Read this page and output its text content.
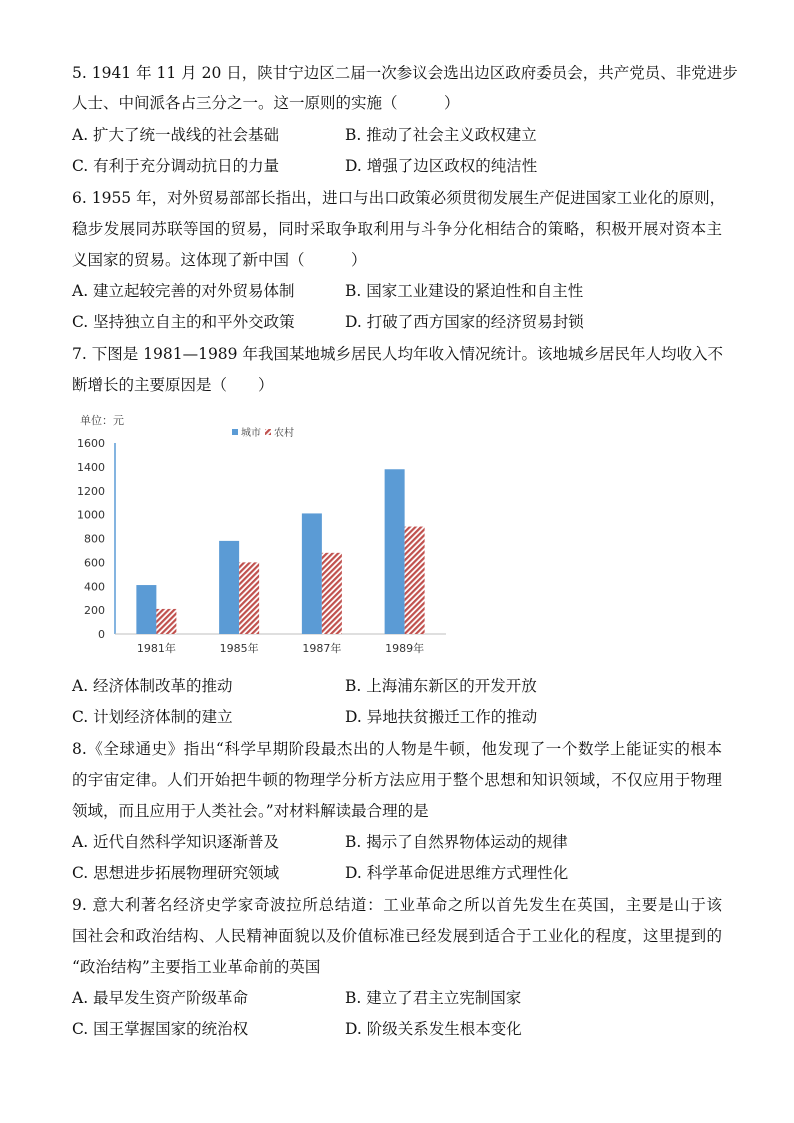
5. 1941 年 11 月 20 日，陕甘宁边区二届一次参议会选出边区政府委员会，共产党员、非党进步
人士、中间派各占三分之一。这一原则的实施（　　　）
A. 扩大了统一战线的社会基础	B. 推动了社会主义政权建立
C. 有利于充分调动抗日的力量	D. 增强了边区政权的纯洁性
6. 1955 年，对外贸易部部长指出，进口与出口政策必须贯彻发展生产促进国家工业化的原则，
稳步发展同苏联等国的贸易，同时采取争取利用与斗争分化相结合的策略，积极开展对资本主
义国家的贸易。这体现了新中国（　　　）
A. 建立起较完善的对外贸易体制	B. 国家工业建设的紧迫性和自主性
C. 坚持独立自主的和平外交政策	D. 打破了西方国家的经济贸易封锁
7. 下图是 1981—1989 年我国某地城乡居民人均年收入情况统计。该地城乡居民年人均收入不
断增长的主要原因是（　　）
单位：元
0
200
400
600
800
1000
1200
1400
1600
城市 农村
1981年	1985年	1987年	1989年
A. 经济体制改革的推动	B. 上海浦东新区的开发开放
C. 计划经济体制的建立	D. 异地扶贫搬迁工作的推动
8.《全球通史》指出“科学早期阶段最杰出的人物是牛顿，他发现了一个数学上能证实的根本
的宇宙定律。人们开始把牛顿的物理学分析方法应用于整个思想和知识领域，不仅应用于物理
领域，而且应用于人类社会。”对材料解读最合理的是
A. 近代自然科学知识逐渐普及	B. 揭示了自然界物体运动的规律
C. 思想进步拓展物理研究领域	D. 科学革命促进思维方式理性化
9. 意大利著名经济史学家奇波拉所总结道：工业革命之所以首先发生在英国，主要是山于该
国社会和政治结构、人民精神面貌以及价值标准已经发展到适合于工业化的程度，这里提到的
“政治结构”主要指工业革命前的英国
A. 最早发生资产阶级革命	B. 建立了君主立宪制国家
C. 国王掌握国家的统治权	D. 阶级关系发生根本变化
